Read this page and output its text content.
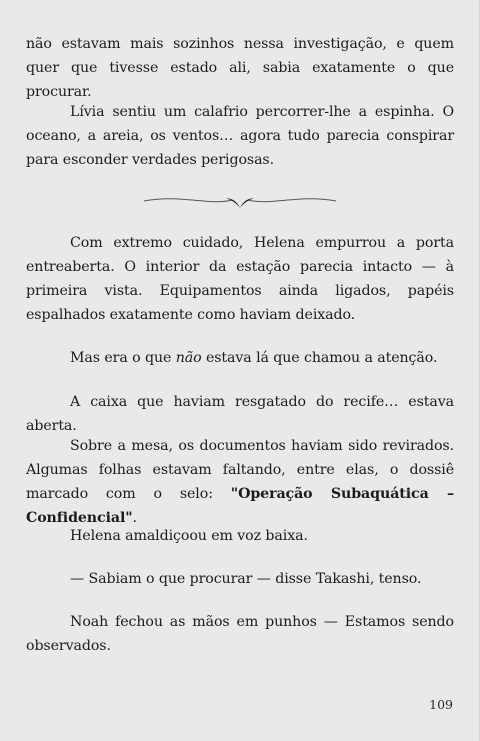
não estavam mais sozinhos nessa investigação, e quem quer que tivesse estado ali, sabia exatamente o que procurar.

Lívia sentiu um calafrio percorrer-lhe a espinha. O oceano, a areia, os ventos… agora tudo parecia conspirar para esconder verdades perigosas.

Com extremo cuidado, Helena empurrou a porta entreaberta. O interior da estação parecia intacto — à primeira vista. Equipamentos ainda ligados, papéis espalhados exatamente como haviam deixado.

Mas era o que não estava lá que chamou a atenção.

A caixa que haviam resgatado do recife… estava aberta.

Sobre a mesa, os documentos haviam sido revirados. Algumas folhas estavam faltando, entre elas, o dossiê marcado com o selo: "Operação Subaquática – Confidencial".

Helena amaldiçoou em voz baixa.

— Sabiam o que procurar — disse Takashi, tenso.

Noah fechou as mãos em punhos — Estamos sendo observados.

109
